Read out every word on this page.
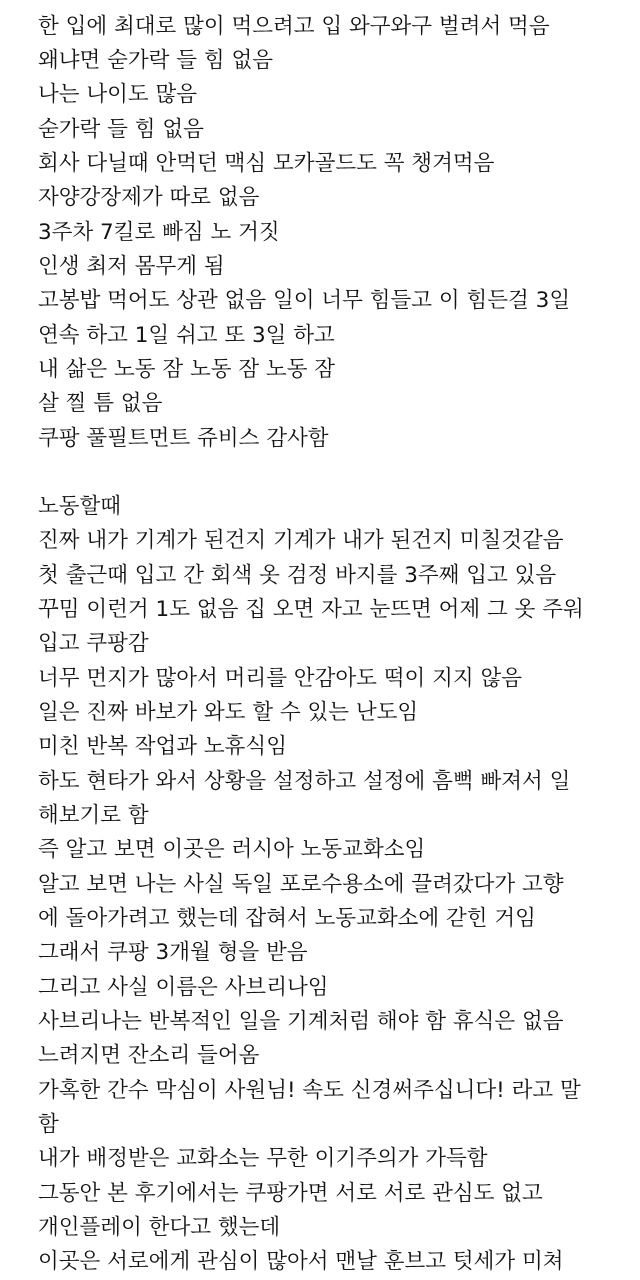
한 입에 최대로 많이 먹으려고 입 와구와구 벌려서 먹음
왜냐면 숟가락 들 힘 없음
나는 나이도 많음
숟가락 들 힘 없음
회사 다닐때 안먹던 맥심 모카골드도 꼭 챙겨먹음
자양강장제가 따로 없음
3주차 7킬로 빠짐 노 거짓
인생 최저 몸무게 됨
고봉밥 먹어도 상관 없음 일이 너무 힘들고 이 힘든걸 3일
연속 하고 1일 쉬고 또 3일 하고
내 삶은 노동 잠 노동 잠 노동 잠
살 찔 틈 없음
쿠팡 풀필트먼트 쥬비스 감사함
노동할때
진짜 내가 기계가 된건지 기계가 내가 된건지 미칠것같음
첫 출근때 입고 간 회색 옷 검정 바지를 3주째 입고 있음
꾸밈 이런거 1도 없음 집 오면 자고 눈뜨면 어제 그 옷 주워
입고 쿠팡감
너무 먼지가 많아서 머리를 안감아도 떡이 지지 않음
일은 진짜 바보가 와도 할 수 있는 난도임
미친 반복 작업과 노휴식임
하도 현타가 와서 상황을 설정하고 설정에 흠뻑 빠져서 일
해보기로 함
즉 알고 보면 이곳은 러시아 노동교화소임
알고 보면 나는 사실 독일 포로수용소에 끌려갔다가 고향
에 돌아가려고 했는데 잡혀서 노동교화소에 갇힌 거임
그래서 쿠팡 3개월 형을 받음
그리고 사실 이름은 사브리나임
사브리나는 반복적인 일을 기계처럼 해야 함 휴식은 없음
느려지면 잔소리 들어옴
가혹한 간수 막심이 사원님! 속도 신경써주십니다! 라고 말
함
내가 배정받은 교화소는 무한 이기주의가 가득함
그동안 본 후기에서는 쿠팡가면 서로 서로 관심도 없고
개인플레이 한다고 했는데
이곳은 서로에게 관심이 많아서 맨날 훈브고 텃세가 미쳐
